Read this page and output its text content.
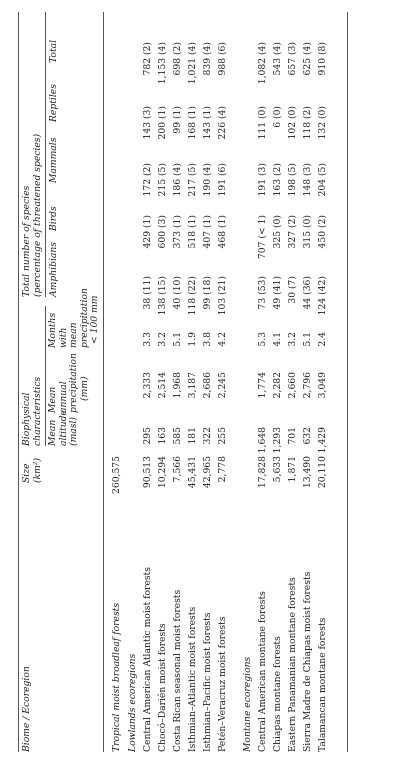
Biome / Ecoregion
Size (km²)
Biophysical characteristics
Total number of species (percentage of threatened species)
Mean altitude (masl)
Mean annual precipitation (mm)
Months with mean precipitation < 100 mm
Amphibians
Birds
Mammals
Reptiles
Total
Tropical moist broadleaf forests
260,575
Lowlands ecoregions Central American Atlantic moist forests
90,513
295
2,333
3.3
38 (11)
429 (1)
172 (2)
143 (3)
782 (2)
Chocó–Darién moist forests
10,294
163
2,514
3.2
138 (15)
600 (3)
215 (5)
200 (1)
1,153 (4)
Costa Rican seasonal moist forests
7,566
585
1,968
5.1
40 (10)
373 (1)
186 (4)
99 (1)
698 (2)
Isthmian–Atlantic moist forests
45,431
181
3,187
1.9
118 (22)
518 (1)
217 (5)
168 (1)
1,021 (4)
Isthmian–Pacific moist forests
42,965
322
2,686
3.8
99 (18)
407 (1)
190 (4)
143 (1)
839 (4)
Petén–Veracruz moist forests
2,778
255
2,245
4.2
103 (21)
468 (1)
191 (6)
226 (4)
988 (6)
Montane ecoregions Central American montane forests
17,828
1,648
1,774
5.3
73 (53)
707 (< 1)
191 (3)
111 (0)
1,082 (4)
Chiapas montane forests
5,633
1,293
2,282
4.1
49 (41)
325 (0)
163 (2)
6 (0)
543 (4)
Eastern Panamanian montane forests
1,871
701
2,660
3.2
30 (7)
327 (2)
198 (5)
102 (0)
657 (3)
Sierra Madre de Chiapas moist forests
13,490
632
2,796
5.1
44 (36)
315 (0)
148 (3)
118 (2)
625 (4)
Talamancan montane forests
20,110
1,429
3,049
2.4
124 (42)
450 (2)
204 (5)
132 (0)
910 (8)
